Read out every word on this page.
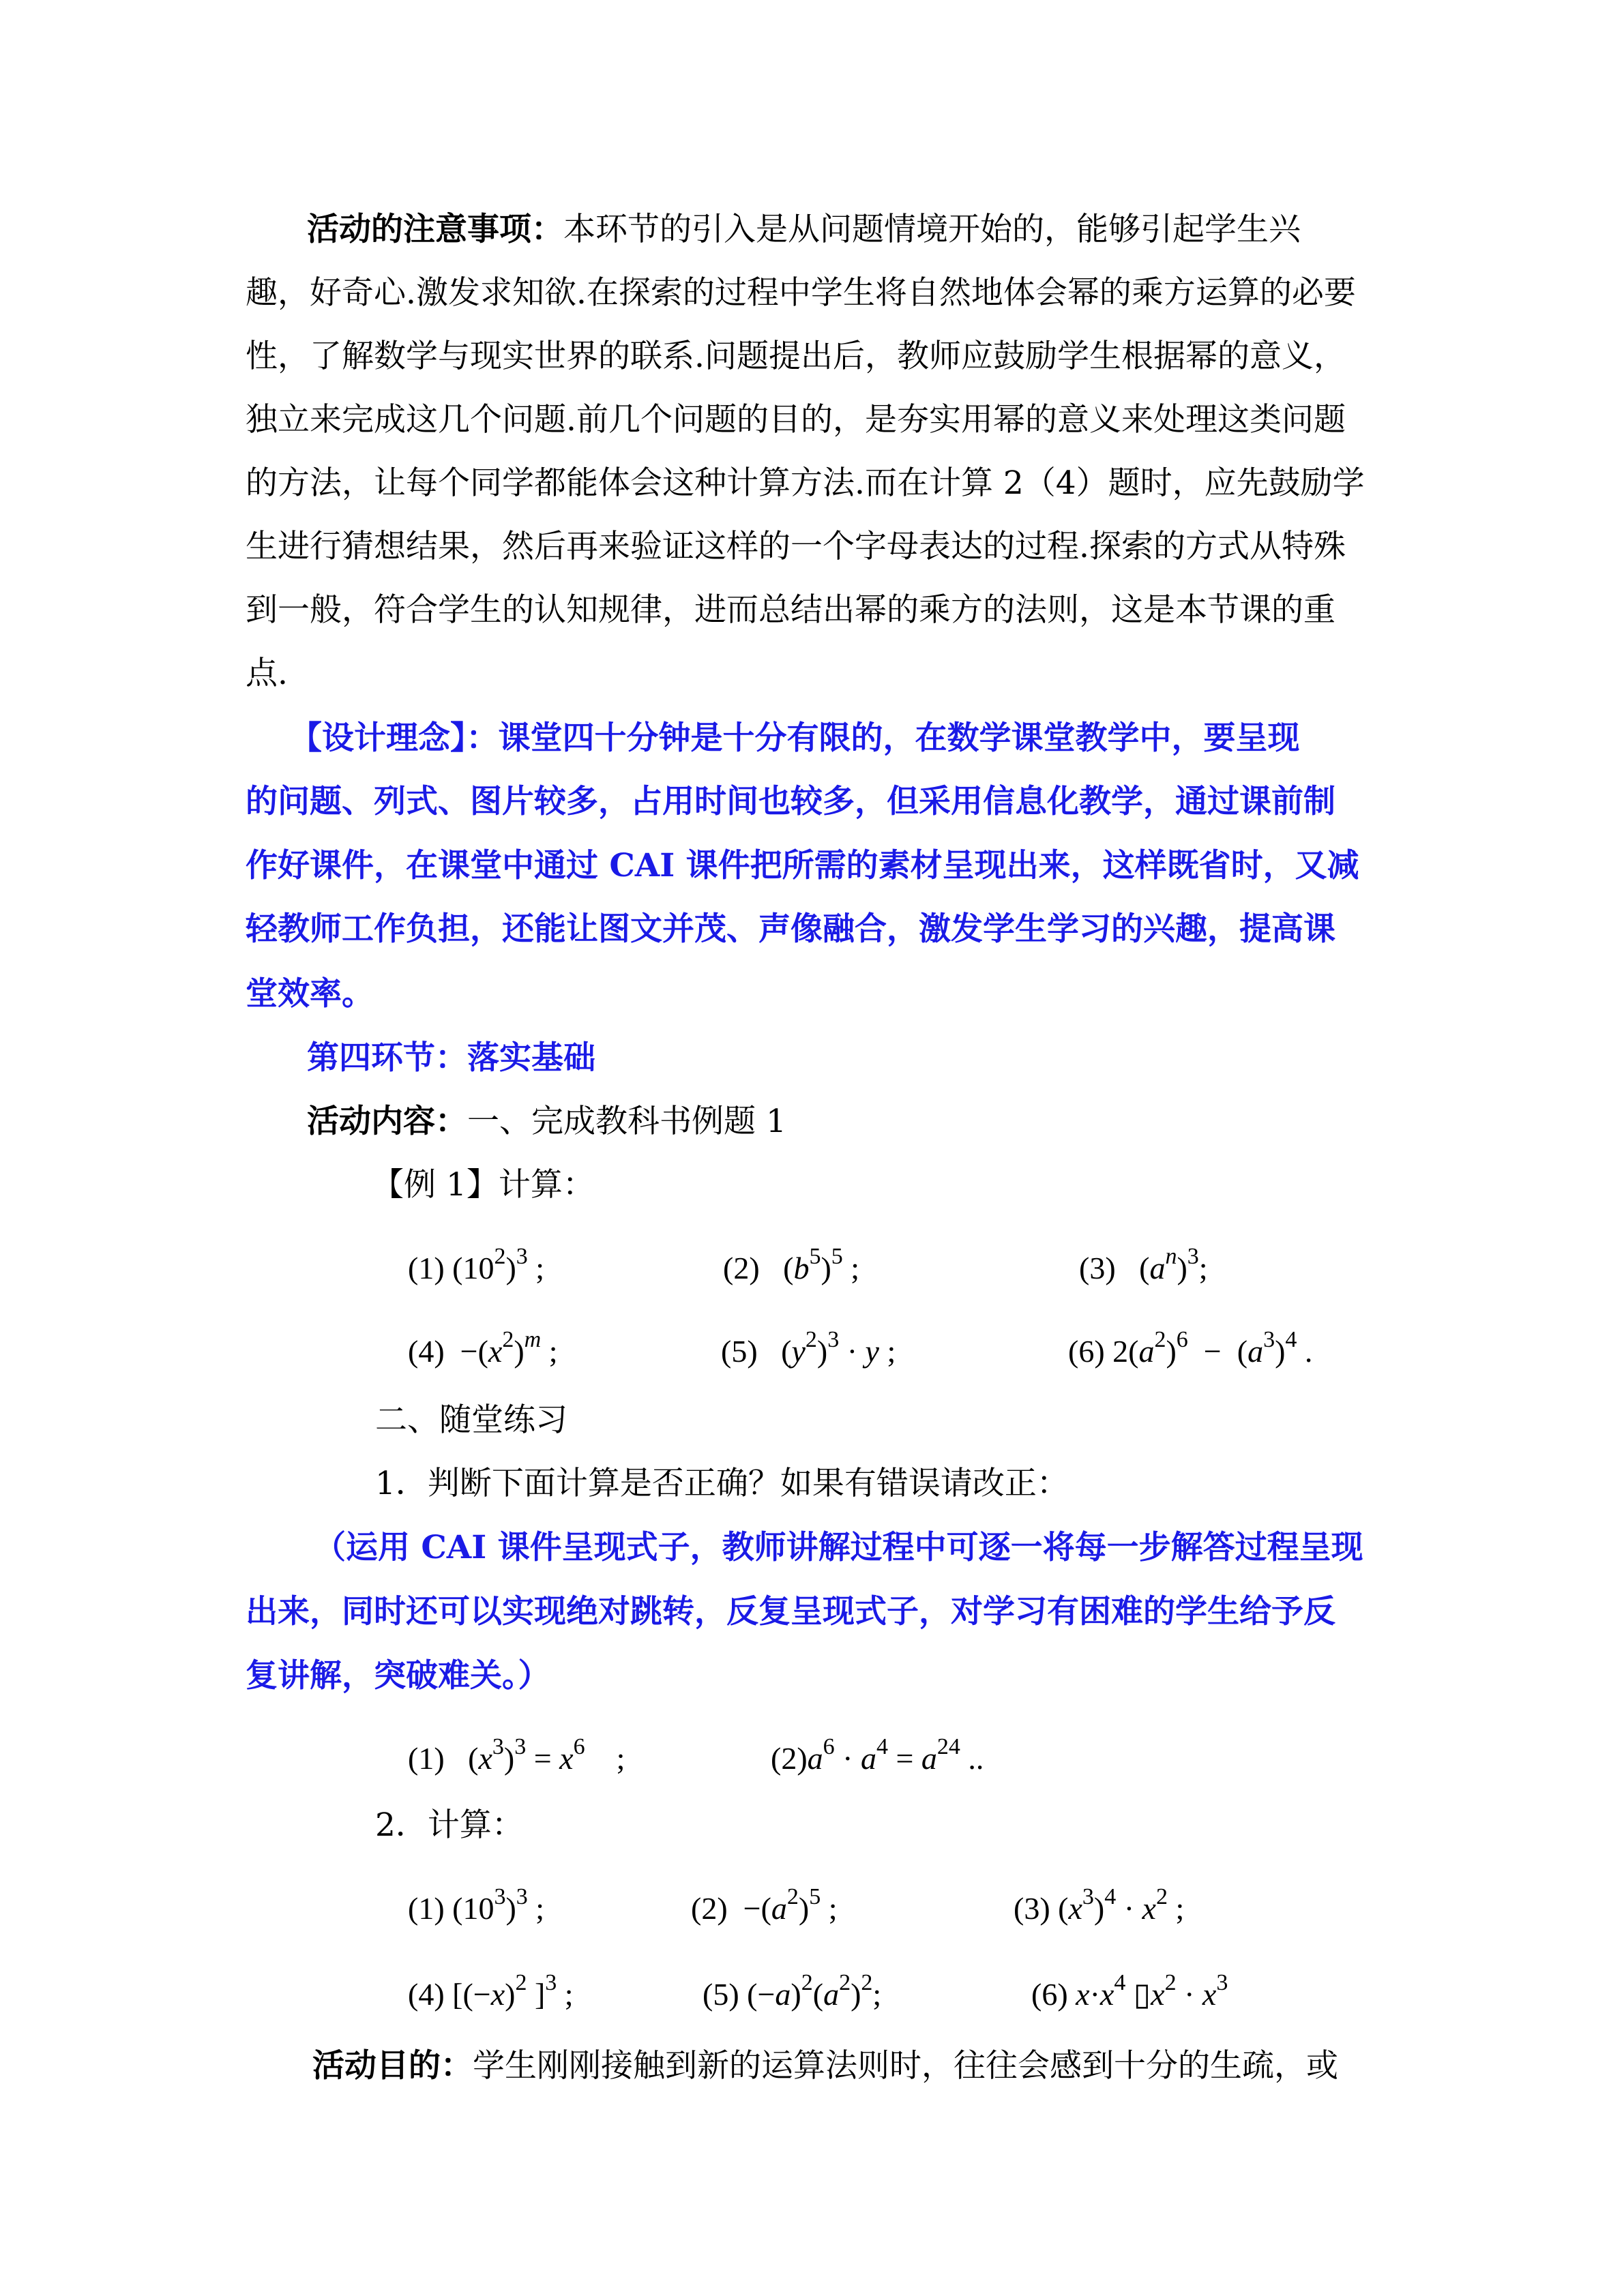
活动的注意事项：本环节的引入是从问题情境开始的，能够引起学生兴
趣，好奇心.激发求知欲.在探索的过程中学生将自然地体会幂的乘方运算的必要
性，了解数学与现实世界的联系.问题提出后，教师应鼓励学生根据幂的意义，
独立来完成这几个问题.前几个问题的目的，是夯实用幂的意义来处理这类问题
的方法，让每个同学都能体会这种计算方法.而在计算 2（4）题时，应先鼓励学
生进行猜想结果，然后再来验证这样的一个字母表达的过程.探索的方式从特殊
到一般，符合学生的认知规律，进而总结出幂的乘方的法则，这是本节课的重
点.
【设计理念】：课堂四十分钟是十分有限的，在数学课堂教学中，要呈现
的问题、列式、图片较多，占用时间也较多，但采用信息化教学，通过课前制
作好课件，在课堂中通过 CAI 课件把所需的素材呈现出来，这样既省时，又减
轻教师工作负担，还能让图文并茂、声像融合，激发学生学习的兴趣，提高课
堂效率。
第四环节：落实基础
活动内容：一、完成教科书例题 1
【例 1】计算：
(1) $(10^2)^3$ ;	(2)   $(b^5)^5$ ;	(3)   $(a^n)^3$;
$(4) -(x^2)^m$ ;	(5)   $(y^2)^3 \cdot y$ ;	(6) $2(a^2)^6 - (a^3)^4$ .
二、随堂练习
1．判断下面计算是否正确？如果有错误请改正：
（运用 CAI 课件呈现式子，教师讲解过程中可逐一将每一步解答过程呈现
出来，同时还可以实现绝对跳转，反复呈现式子，对学习有困难的学生给予反
复讲解，突破难关。）
(1)   $(x^3)^3 = x^6$    ;	$(2)a^6 \cdot a^4 = a^{24}$ ..
2．计算：
(1) $(10^3)^3$ ;	$(2) -(a^2)^5$ ;	(3) $(x^3)^4 \cdot x^2$ ;
(4) [$(-x)^2$ ]$^3$ ;	(5) $(-a)^2(a^2)^2$;	(6) $x\cdot x^4$ $▯x^2 \cdot x^3$
活动目的：学生刚刚接触到新的运算法则时，往往会感到十分的生疏，或
